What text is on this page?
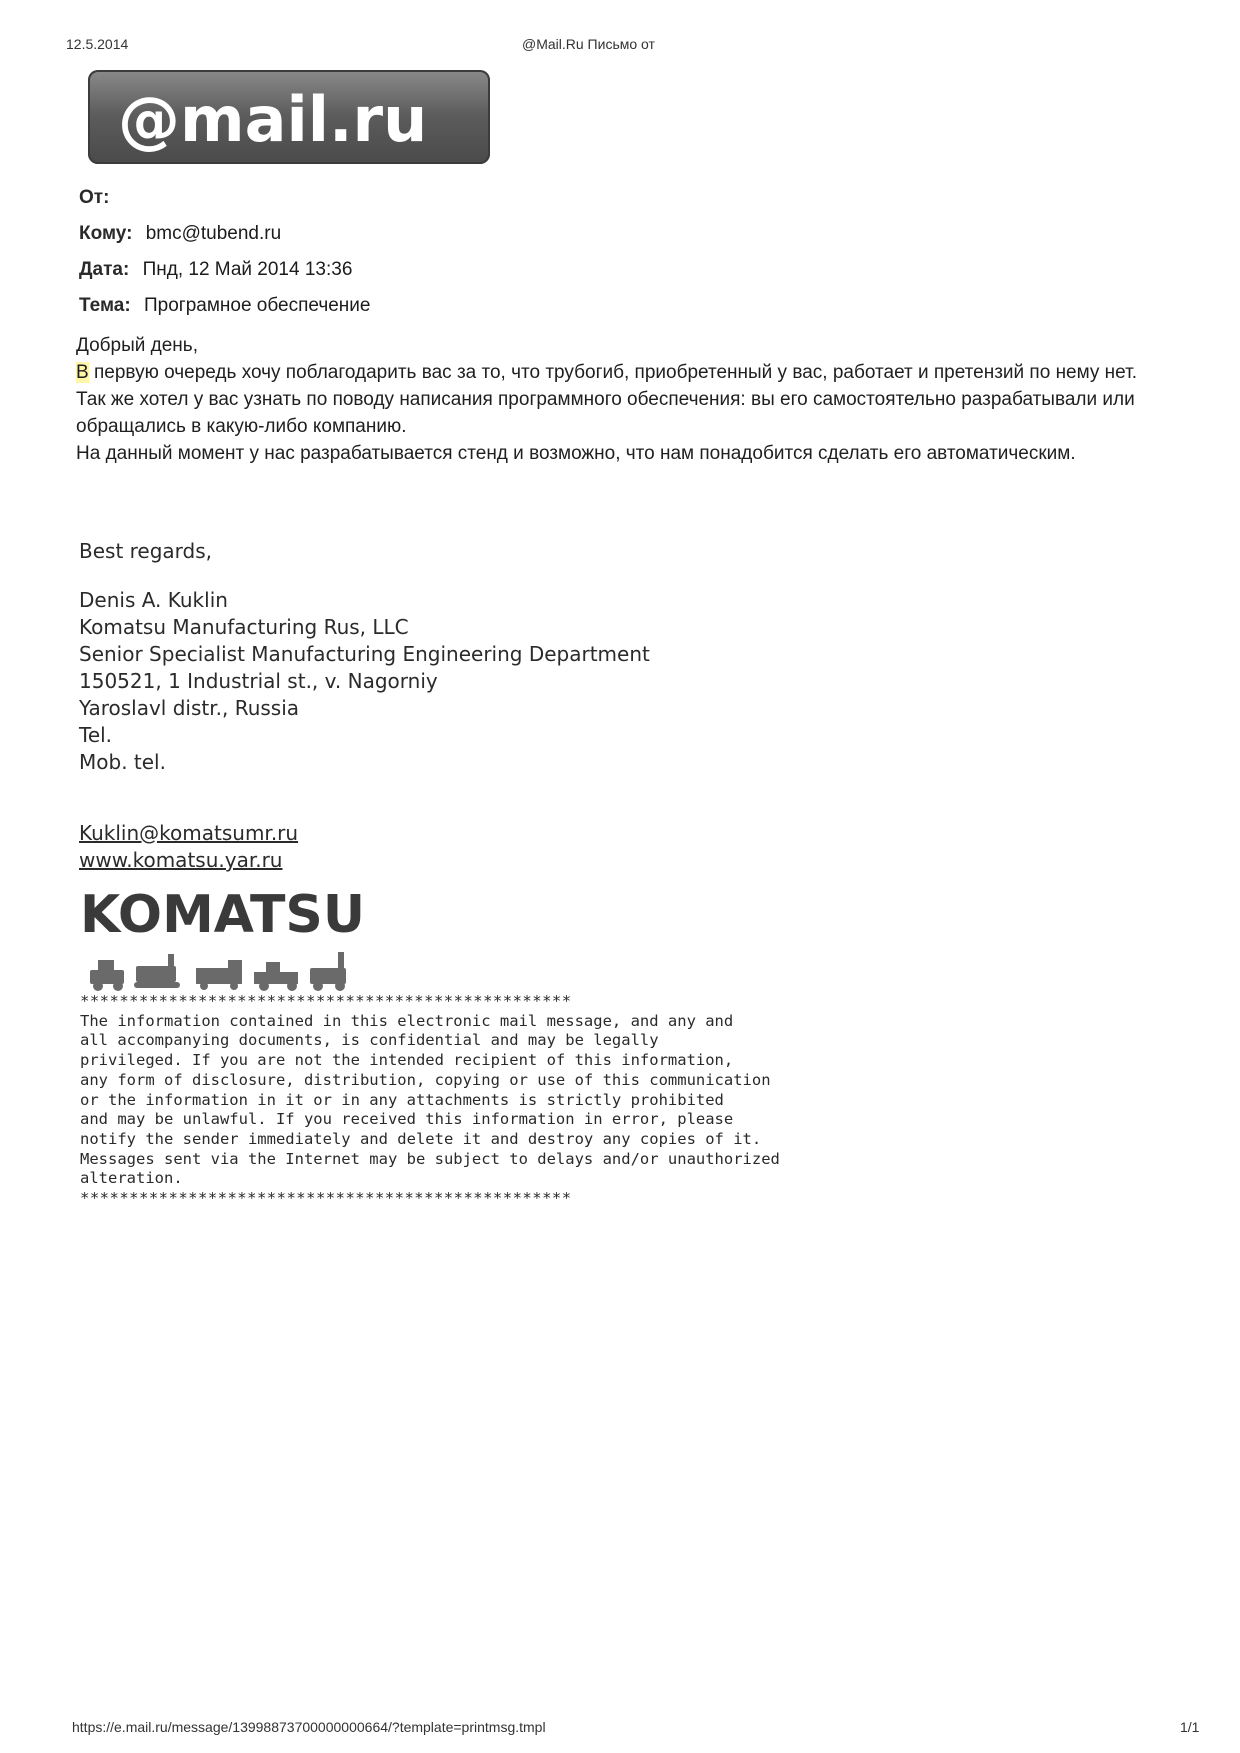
12.5.2014	@Mail.Ru Письмо от
@mail.ru	®
От:
Кому: bmc@tubend.ru
Дата: Пнд, 12 Май 2014 13:36
Тема: Програмное обеспечение

Добрый день,

В первую очередь хочу поблагодарить вас за то, что трубогиб, приобретенный у вас, работает и претензий по нему нет.

Так же хотел у вас узнать по поводу написания программного обеспечения: вы его самостоятельно разрабатывали или обращались в какую-либо компанию.

На данный момент у нас разрабатывается стенд и возможно, что нам понадобится сделать его автоматическим.

Best regards,

Denis A. Kuklin

Komatsu Manufacturing Rus, LLC

Senior Specialist Manufacturing Engineering Department

150521, 1 Industrial st., v. Nagorniy

Yaroslavl distr., Russia

Tel.

Mob. tel.

Kuklin@komatsumr.ru

www.komatsu.yar.ru

KOMATSU
**************************************************
The information contained in this electronic mail message, and any and
all accompanying documents, is confidential and may be legally
privileged. If you are not the intended recipient of this information,
any form of disclosure, distribution, copying or use of this communication
or the information in it or in any attachments is strictly prohibited
and may be unlawful. If you received this information in error, please
notify the sender immediately and delete it and destroy any copies of it.
Messages sent via the Internet may be subject to delays and/or unauthorized
alteration.
**************************************************
https://e.mail.ru/message/13998873700000000664/?template=printmsg.tmpl	1/1
